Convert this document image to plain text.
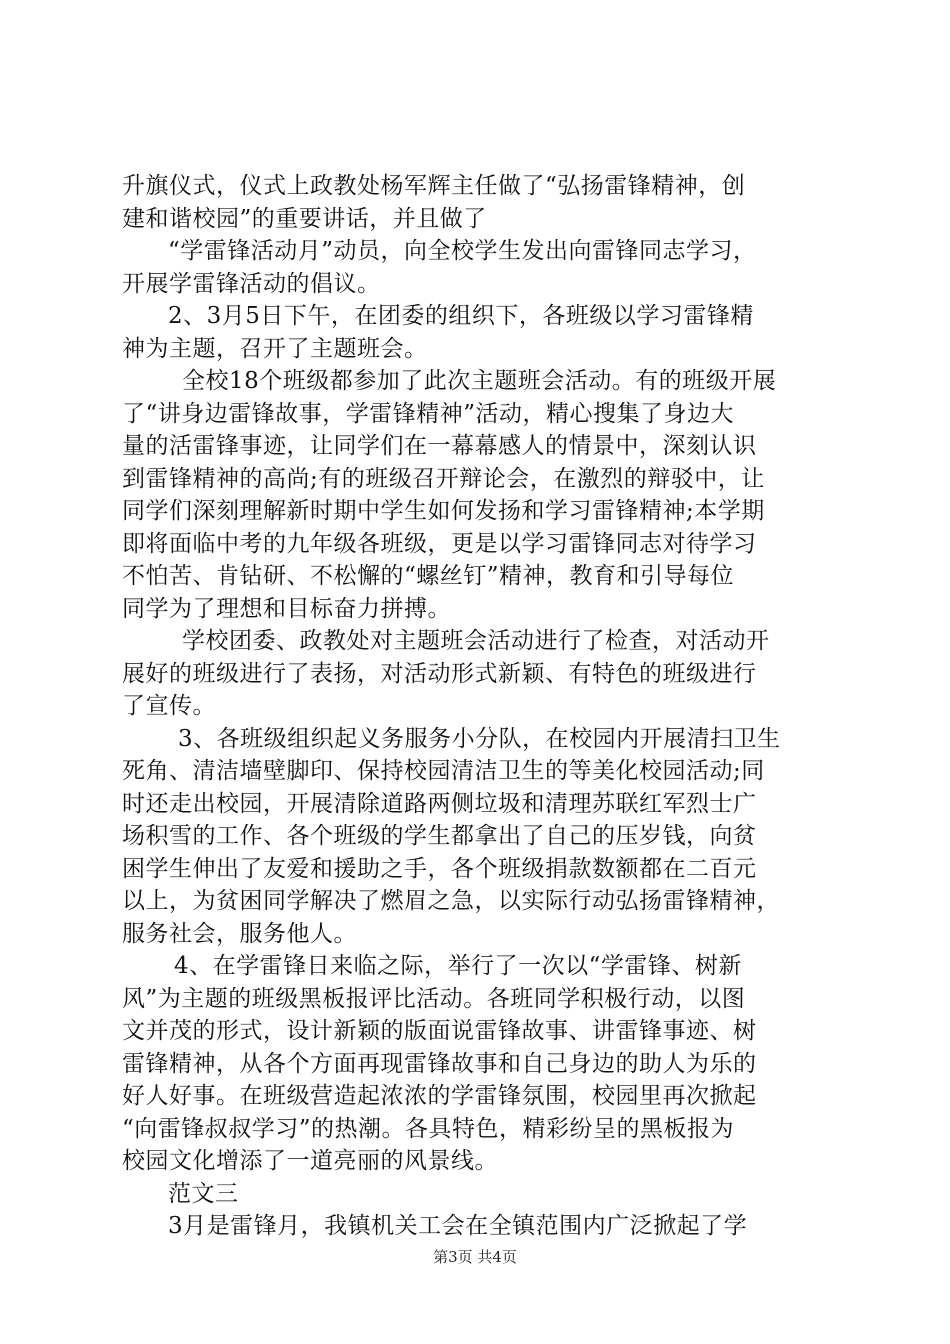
升旗仪式，仪式上政教处杨军辉主任做了“弘扬雷锋精神，创
建和谐校园”的重要讲话，并且做了
“学雷锋活动月”动员，向全校学生发出向雷锋同志学习，
开展学雷锋活动的倡议。
2、3月5日下午，在团委的组织下，各班级以学习雷锋精
神为主题，召开了主题班会。
全校18个班级都参加了此次主题班会活动。有的班级开展
了“讲身边雷锋故事，学雷锋精神”活动，精心搜集了身边大
量的活雷锋事迹，让同学们在一幕幕感人的情景中，深刻认识
到雷锋精神的高尚;有的班级召开辩论会，在激烈的辩驳中，让
同学们深刻理解新时期中学生如何发扬和学习雷锋精神;本学期
即将面临中考的九年级各班级，更是以学习雷锋同志对待学习
不怕苦、肯钻研、不松懈的“螺丝钉”精神，教育和引导每位
同学为了理想和目标奋力拼搏。
学校团委、政教处对主题班会活动进行了检查，对活动开
展好的班级进行了表扬，对活动形式新颖、有特色的班级进行
了宣传。
3、各班级组织起义务服务小分队，在校园内开展清扫卫生
死角、清洁墙壁脚印、保持校园清洁卫生的等美化校园活动;同
时还走出校园，开展清除道路两侧垃圾和清理苏联红军烈士广
场积雪的工作、各个班级的学生都拿出了自己的压岁钱，向贫
困学生伸出了友爱和援助之手，各个班级捐款数额都在二百元
以上，为贫困同学解决了燃眉之急，以实际行动弘扬雷锋精神，
服务社会，服务他人。
4、在学雷锋日来临之际，举行了一次以“学雷锋、树新
风”为主题的班级黑板报评比活动。各班同学积极行动，以图
文并茂的形式，设计新颖的版面说雷锋故事、讲雷锋事迹、树
雷锋精神，从各个方面再现雷锋故事和自己身边的助人为乐的
好人好事。在班级营造起浓浓的学雷锋氛围，校园里再次掀起
“向雷锋叔叔学习”的热潮。各具特色，精彩纷呈的黑板报为
校园文化增添了一道亮丽的风景线。
范文三
3月是雷锋月，我镇机关工会在全镇范围内广泛掀起了学
第3页 共4页
